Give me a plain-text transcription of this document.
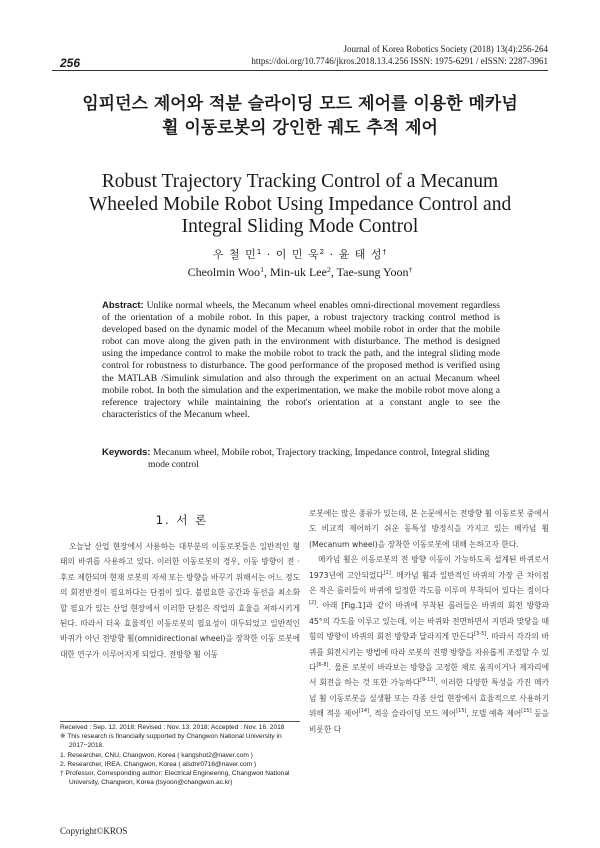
256
Journal of Korea Robotics Society (2018) 13(4):256-264
https://doi.org/10.7746/jkros.2018.13.4.256 ISSN: 1975-6291 / eISSN: 2287-3961
임피던스 제어와 적분 슬라이딩 모드 제어를 이용한 메카넘
휠 이동로봇의 강인한 궤도 추적 제어
Robust Trajectory Tracking Control of a Mecanum
Wheeled Mobile Robot Using Impedance Control and
Integral Sliding Mode Control
우 철 민$^1$ · 이 민 욱$^2$ · 윤 태 성†
Cheolmin Woo$^1$, Min-uk Lee$^2$, Tae-sung Yoon†
Abstract: Unlike normal wheels, the Mecanum wheel enables omni-directional movement regardless of the orientation of a mobile robot. In this paper, a robust trajectory tracking control method is developed based on the dynamic model of the Mecanum wheel mobile robot in order that the mobile robot can move along the given path in the environment with disturbance. The method is designed using the impedance control to make the mobile robot to track the path, and the integral sliding mode control for robustness to disturbance. The good performance of the proposed method is verified using the MATLAB /Simulink simulation and also through the experiment on an actual Mecanum wheel mobile robot. In both the simulation and the experimentation, we make the mobile robot move along a reference trajectory while maintaining the robot's orientation at a constant angle to see the characteristics of the Mecanum wheel.
Keywords: Mecanum wheel, Mobile robot, Trajectory tracking, Impedance control, Integral sliding mode control
1. 서 론
오늘날 산업 현장에서 사용하는 대부분의 이동로봇들은 일반적인 형태의 바퀴를 사용하고 있다. 이러한 이동로봇의 경우, 이동 방향이 전 · 후로 제한되며 현재 로봇의 자세 또는 방향을 바꾸기 위해서는 어느 정도의 회전반경이 필요하다는 단점이 있다. 불필요한 공간과 동선을 최소화할 필요가 있는 산업 현장에서 이러한 단점은 작업의 효율을 저하시키게 된다. 따라서 더욱 효율적인 이동로봇의 필요성이 대두되었고 일반적인 바퀴가 아닌 전방향 휠(omnidirectional wheel)을 장착한 이동 로봇에 대한 연구가 이루어지게 되었다. 전방향 휠 이동

로봇에는 많은 종류가 있는데, 본 논문에서는 전방향 휠 이동로봇 중에서도 비교적 제어하기 쉬운 동특성 방정식을 가지고 있는 메카넘 휠(Mecanum wheel)을 장착한 이동로봇에 대해 논하고자 한다.

메카넘 휠은 이동로봇의 전 방향 이동이 가능하도록 설계된 바퀴로서 1973년에 고안되었다[1]. 메카넘 휠과 일반적인 바퀴의 가장 큰 차이점은 작은 롤러들이 바퀴에 일정한 각도를 이루며 부착되어 있다는 점이다[2]. 아래 [Fig.1]과 같이 바퀴에 부착된 롤러들은 바퀴의 회전 방향과 45°의 각도를 이루고 있는데, 이는 바퀴와 전면하면서 지면과 맞닿을 때 힘의 방향이 바퀴의 회전 방향과 달라지게 만든다[3-5]. 따라서 각각의 바퀴를 회전시키는 방법에 따라 로봇의 진행 방향을 자유롭게 조절할 수 있다[6-8]. 물론 로봇이 바라보는 방향을 고정한 채로 움직이거나 제자리에서 회전을 하는 것 또한 가능하다[9-13]. 이러한 다양한 특성을 가진 메카넘 휠 이동로봇을 실생활 또는 각종 산업 현장에서 효율적으로 사용하기 위해 적응 제어[14], 적응 슬라이딩 모드 제어[15], 모델 예측 제어[15] 등을 비롯한 다

Received : Sep. 12. 2018; Revised : Nov. 13. 2018; Accepted : Nov. 16. 2018
※ This research is financially supported by Changwon National University in 2017−2018.
1. Researcher, CNU, Changwon, Korea ( kangshot2@naver.com )
2. Researcher, IREA, Changwon, Korea ( alsdnr0716@naver.com )
† Professor, Corresponding author: Electrical Engineering, Changwon National University, Changwon, Korea (tsyoon@changwon.ac.kr)
Copyright©KROS
